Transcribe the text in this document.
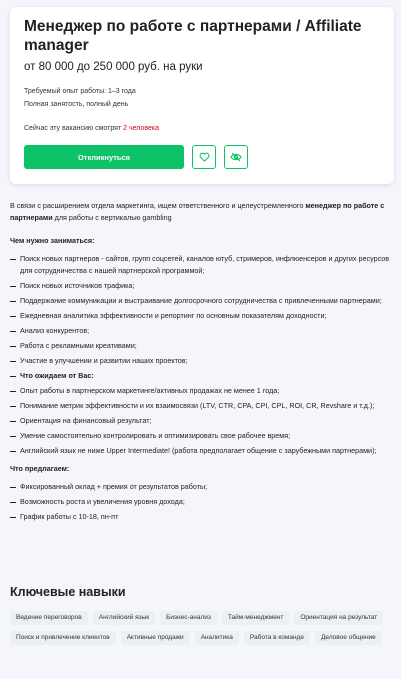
Менеджер по работе с партнерами / Affiliate manager
от 80 000 до 250 000 руб. на руки
Требуемый опыт работы: 1–3 года
Полная занятость, полный день
Сейчас эту вакансию смотрят 2 человека
Откликнуться

В связи с расширением отдела маркетинга, ищем ответственного и целеустремленного менеджер по работе с партнерами для работы с вертикалью gambling

Чем нужно заниматься:

Поиск новых партнеров - сайтов, групп соцсетей, каналов ютуб, стримеров, инфлюенсеров и других ресурсов для сотрудничества с нашей партнерской программой;
Поиск новых источников трафика;
Поддержание коммуникации и выстраивание долгосрочного сотрудничества с привлеченными партнерами;
Ежедневная аналитика эффективности и репортинг по основным показателям доходности;
Анализ конкурентов;
Работа с рекламными креативами;
Участие в улучшении и развитии наших проектов;
Что ожидаем от Вас:
Опыт работы в партнерском маркетинге/активных продажах не менее 1 года;
Понимание метрик эффективности и их взаимосвязи (LTV, CTR, CPA, CPI, CPL, ROI, CR, Revshare и т.д.);
Ориентация на финансовый результат;
Умение самостоятельно контролировать и оптимизировать свое рабочее время;
Английский язык не ниже Upper Intermediate! (работа предполагает общение с зарубежными партнерами);

Что предлагаем:

Фиксированный оклад + премия от результатов работы;
Возможность роста и увеличения уровня дохода;
График работы с 10-18, пн-пт
Ключевые навыки
Ведение переговоров	Английский язык	Бизнес-анализ	Тайм-менеджмент	Ориентация на результат
Поиск и привлечение клиентов	Активные продажи	Аналитика	Работа в команде	Деловое общение
